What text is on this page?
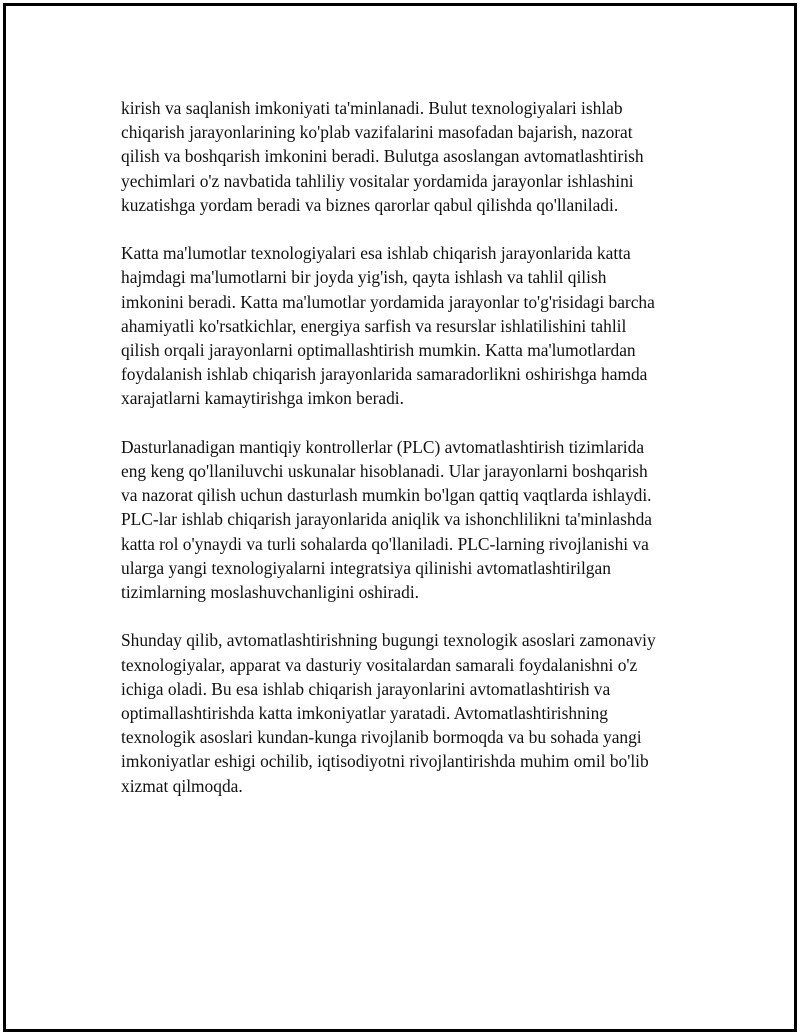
kirish va saqlanish imkoniyati ta'minlanadi. Bulut texnologiyalari ishlab
chiqarish jarayonlarining ko'plab vazifalarini masofadan bajarish, nazorat
qilish va boshqarish imkonini beradi. Bulutga asoslangan avtomatlashtirish
yechimlari o'z navbatida tahliliy vositalar yordamida jarayonlar ishlashini
kuzatishga yordam beradi va biznes qarorlar qabul qilishda qo'llaniladi.

Katta ma'lumotlar texnologiyalari esa ishlab chiqarish jarayonlarida katta
hajmdagi ma'lumotlarni bir joyda yig'ish, qayta ishlash va tahlil qilish
imkonini beradi. Katta ma'lumotlar yordamida jarayonlar to'g'risidagi barcha
ahamiyatli ko'rsatkichlar, energiya sarfish va resurslar ishlatilishini tahlil
qilish orqali jarayonlarni optimallashtirish mumkin. Katta ma'lumotlardan
foydalanish ishlab chiqarish jarayonlarida samaradorlikni oshirishga hamda
xarajatlarni kamaytirishga imkon beradi.

Dasturlanadigan mantiqiy kontrollerlar (PLC) avtomatlashtirish tizimlarida
eng keng qo'llaniluvchi uskunalar hisoblanadi. Ular jarayonlarni boshqarish
va nazorat qilish uchun dasturlash mumkin bo'lgan qattiq vaqtlarda ishlaydi.
PLC-lar ishlab chiqarish jarayonlarida aniqlik va ishonchlilikni ta'minlashda
katta rol o'ynaydi va turli sohalarda qo'llaniladi. PLC-larning rivojlanishi va
ularga yangi texnologiyalarni integratsiya qilinishi avtomatlashtirilgan
tizimlarning moslashuvchanligini oshiradi.

Shunday qilib, avtomatlashtirishning bugungi texnologik asoslari zamonaviy
texnologiyalar, apparat va dasturiy vositalardan samarali foydalanishni o'z
ichiga oladi. Bu esa ishlab chiqarish jarayonlarini avtomatlashtirish va
optimallashtirishda katta imkoniyatlar yaratadi. Avtomatlashtirishning
texnologik asoslari kundan-kunga rivojlanib bormoqda va bu sohada yangi
imkoniyatlar eshigi ochilib, iqtisodiyotni rivojlantirishda muhim omil bo'lib
xizmat qilmoqda.
